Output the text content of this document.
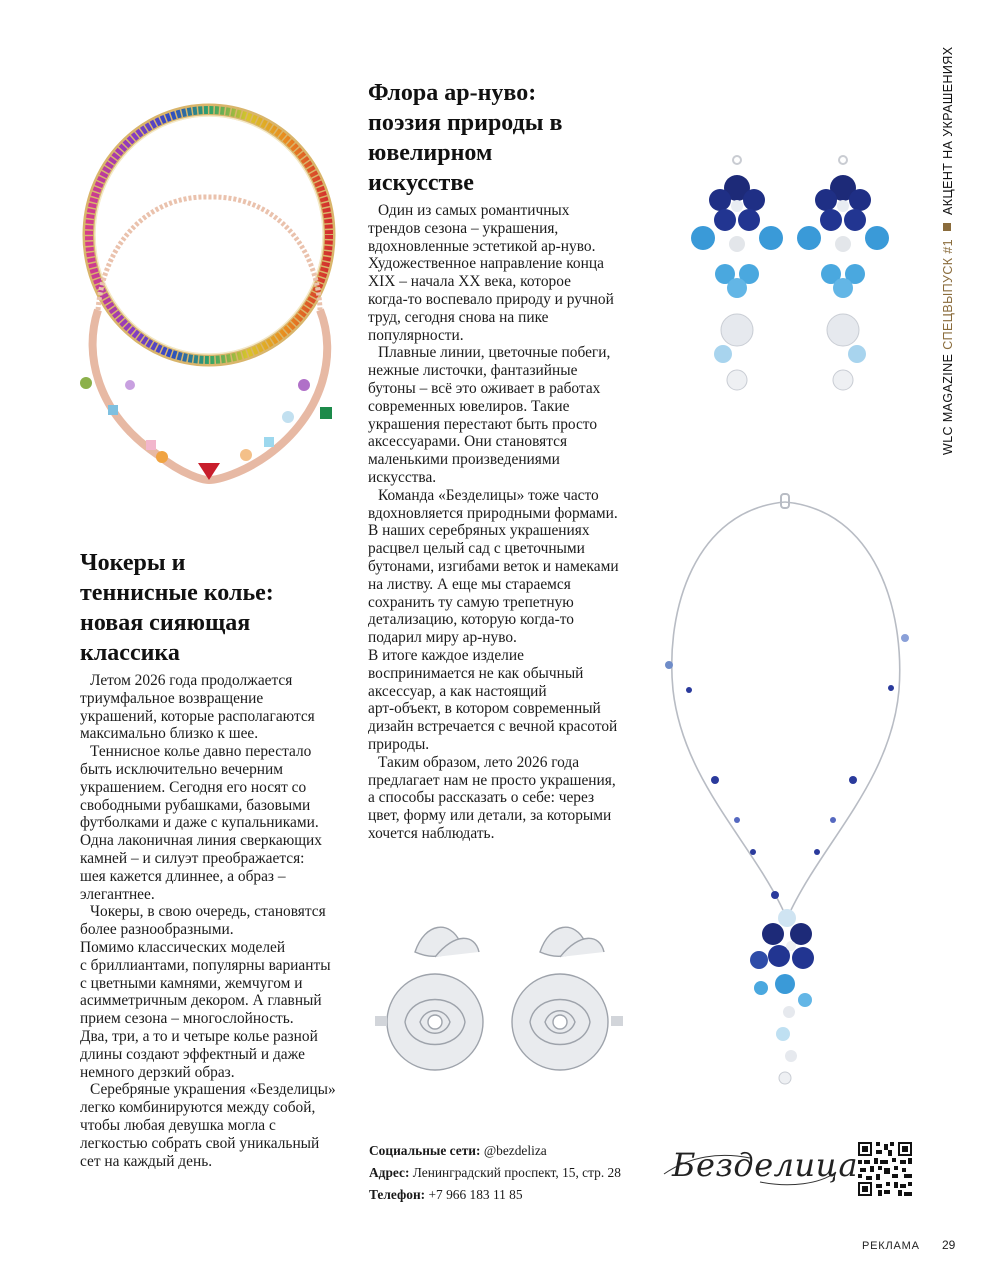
WLC MAGAZINE СПЕЦВЫПУСК #1АКЦЕНТ НА УКРАШЕНИЯХ
Флора ар-нуво:
поэзия природы в
ювелирном
искусстве

Один из самых романтичных
трендов сезона – украшения,
вдохновленные эстетикой ар-нуво.
Художественное направление конца
XIX – начала XX века, которое
когда-то воспевало природу и ручной
труд, сегодня снова на пике
популярности.

Плавные линии, цветочные побеги,
нежные листочки, фантазийные
бутоны – всё это оживает в работах
современных ювелиров. Такие
украшения перестают быть просто
аксессуарами. Они становятся
маленькими произведениями
искусства.

Команда «Безделицы» тоже часто
вдохновляется природными формами.
В наших серебряных украшениях
расцвел целый сад с цветочными
бутонами, изгибами веток и намеками
на листву. А еще мы стараемся
сохранить ту самую трепетную
детализацию, которую когда-то
подарил миру ар-нуво.

В итоге каждое изделие
воспринимается не как обычный
аксессуар, а как настоящий
арт-объект, в котором современный
дизайн встречается с вечной красотой
природы.

Таким образом, лето 2026 года
предлагает нам не просто украшения,
а способы рассказать о себе: через
цвет, форму или детали, за которыми
хочется наблюдать.

Чокеры и
теннисные колье:
новая сияющая
классика

Летом 2026 года продолжается
триумфальное возвращение
украшений, которые располагаются
максимально близко к шее.

Теннисное колье давно перестало
быть исключительно вечерним
украшением. Сегодня его носят со
свободными рубашками, базовыми
футболками и даже с купальниками.
Одна лаконичная линия сверкающих
камней – и силуэт преображается:
шея кажется длиннее, а образ –
элегантнее.

Чокеры, в свою очередь, становятся
более разнообразными.

Помимо классических моделей
с бриллиантами, популярны варианты
с цветными камнями, жемчугом и
асимметричным декором. А главный
прием сезона – многослойность.
Два, три, а то и четыре колье разной
длины создают эффектный и даже
немного дерзкий образ.

Серебряные украшения «Безделицы»
легко комбинируются между собой,
чтобы любая девушка могла с
легкостью собрать свой уникальный
сет на каждый день.

Социальные сети: @bezdeliza
Адрес: Ленинградский проспект, 15, стр. 28
Телефон: +7 966 183 11 85
Безделица
РЕКЛАМА 29
